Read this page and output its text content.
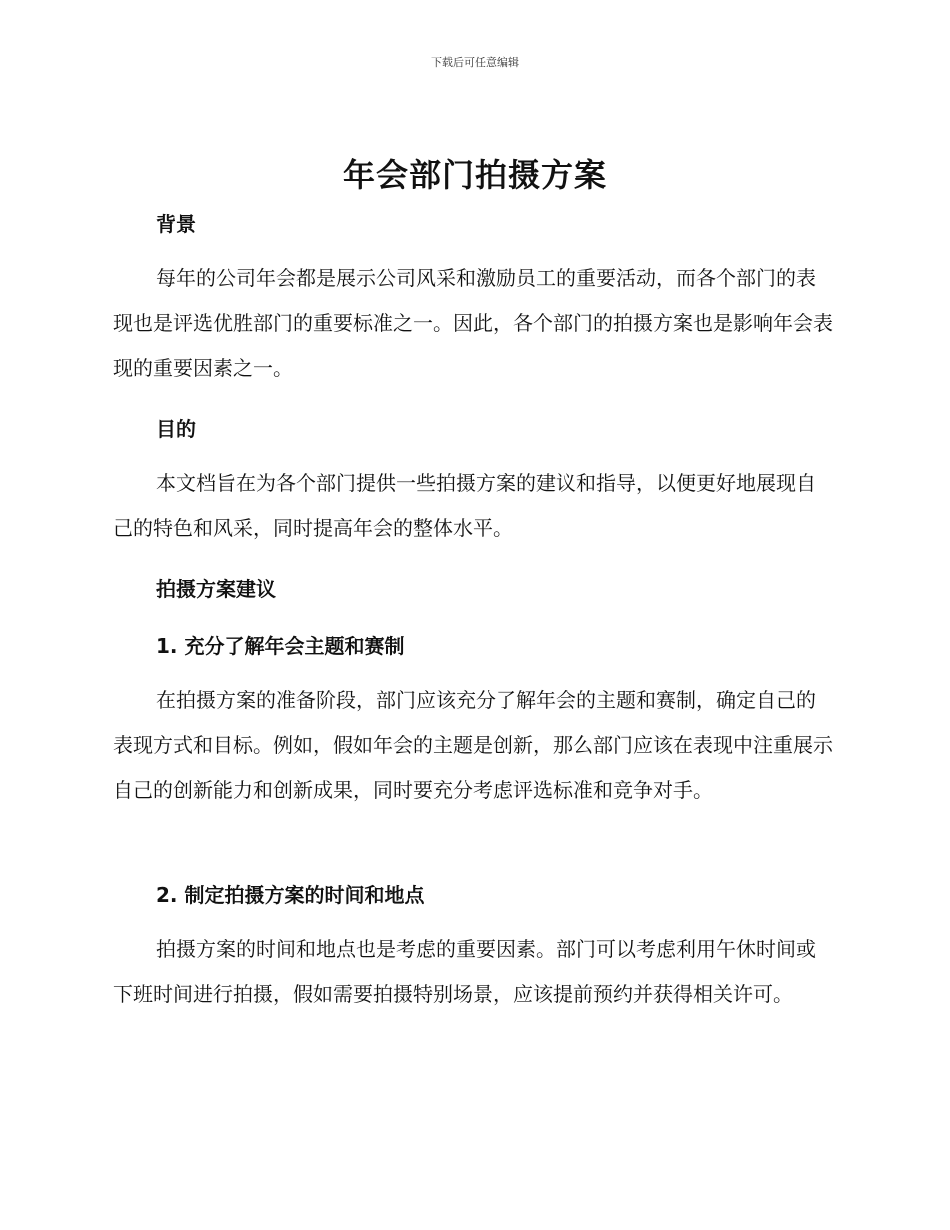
下载后可任意编辑
年会部门拍摄方案
背景
每年的公司年会都是展示公司风采和激励员工的重要活动，而各个部门的表现也是评选优胜部门的重要标准之一。因此，各个部门的拍摄方案也是影响年会表现的重要因素之一。
目的
本文档旨在为各个部门提供一些拍摄方案的建议和指导，以便更好地展现自己的特色和风采，同时提高年会的整体水平。
拍摄方案建议
1. 充分了解年会主题和赛制
在拍摄方案的准备阶段，部门应该充分了解年会的主题和赛制，确定自己的表现方式和目标。例如，假如年会的主题是创新，那么部门应该在表现中注重展示自己的创新能力和创新成果，同时要充分考虑评选标准和竞争对手。
2. 制定拍摄方案的时间和地点
拍摄方案的时间和地点也是考虑的重要因素。部门可以考虑利用午休时间或下班时间进行拍摄，假如需要拍摄特别场景，应该提前预约并获得相关许可。
